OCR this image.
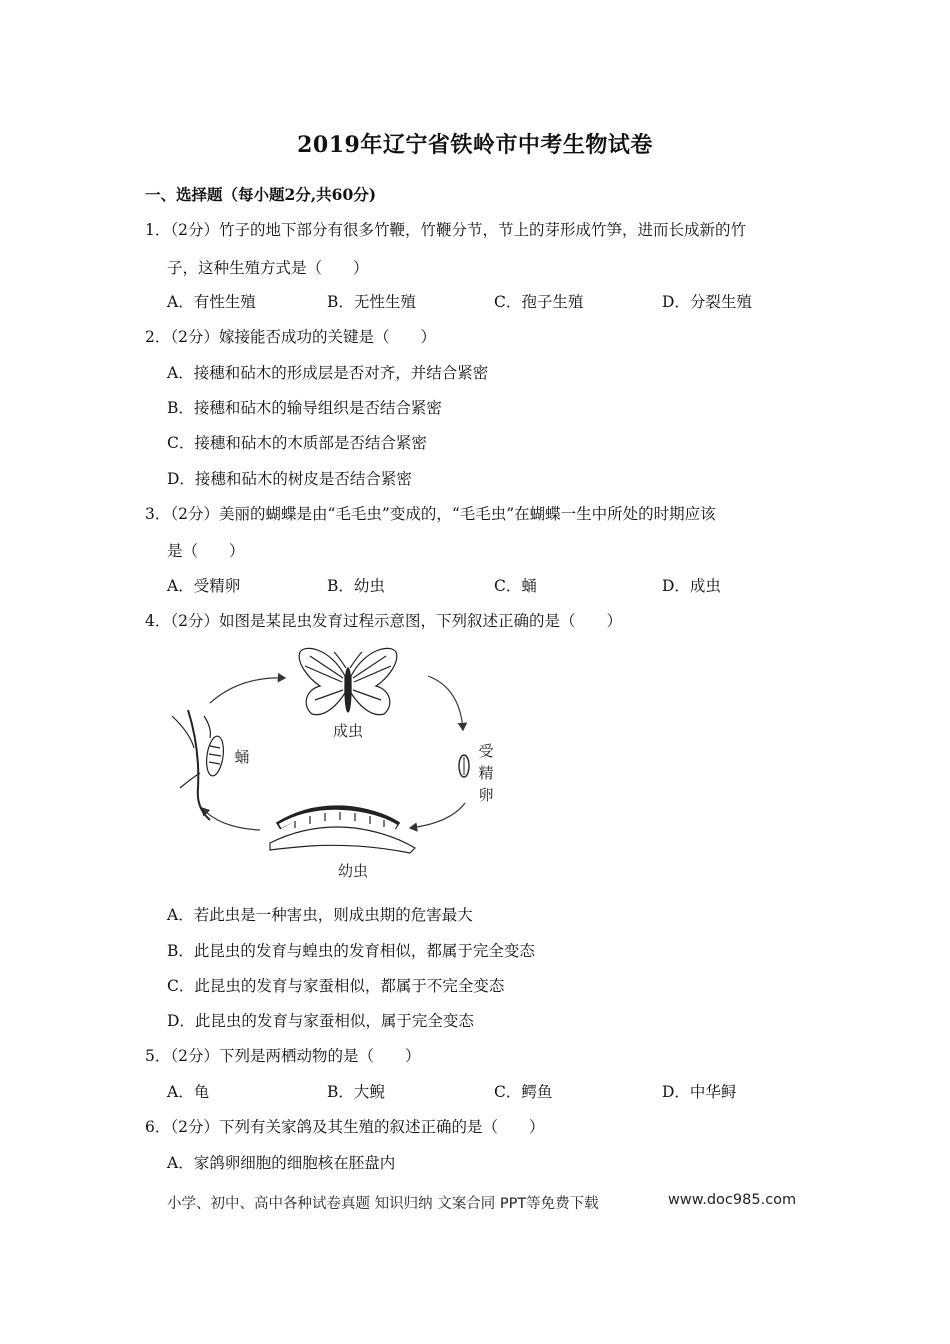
2019年辽宁省铁岭市中考生物试卷
一、选择题（每小题2分,共60分)
1．（2分）竹子的地下部分有很多竹鞭，竹鞭分节，节上的芽形成竹笋，进而长成新的竹
子，这种生殖方式是（　　）
A．有性生殖	B．无性生殖	C．孢子生殖	D．分裂生殖
2．（2分）嫁接能否成功的关键是（　　）
A．接穗和砧木的形成层是否对齐，并结合紧密
B．接穗和砧木的输导组织是否结合紧密
C．接穗和砧木的木质部是否结合紧密
D．接穗和砧木的树皮是否结合紧密
3．（2分）美丽的蝴蝶是由“毛毛虫”变成的，“毛毛虫”在蝴蝶一生中所处的时期应该
是（　　）
A．受精卵	B．幼虫	C．蛹	D．成虫
4．（2分）如图是某昆虫发育过程示意图，下列叙述正确的是（　　）
成虫
受
精
卵
幼虫
蛹
A．若此虫是一种害虫，则成虫期的危害最大
B．此昆虫的发育与蝗虫的发育相似，都属于完全变态
C．此昆虫的发育与家蚕相似，都属于不完全变态
D．此昆虫的发育与家蚕相似，属于完全变态
5．（2分）下列是两栖动物的是（　　）
A．龟	B．大鲵	C．鳄鱼	D．中华鲟
6．（2分）下列有关家鸽及其生殖的叙述正确的是（　　）
A．家鸽卵细胞的细胞核在胚盘内
小学、初中、高中各种试卷真题 知识归纳 文案合同 PPT等免费下载	www.doc985.com
